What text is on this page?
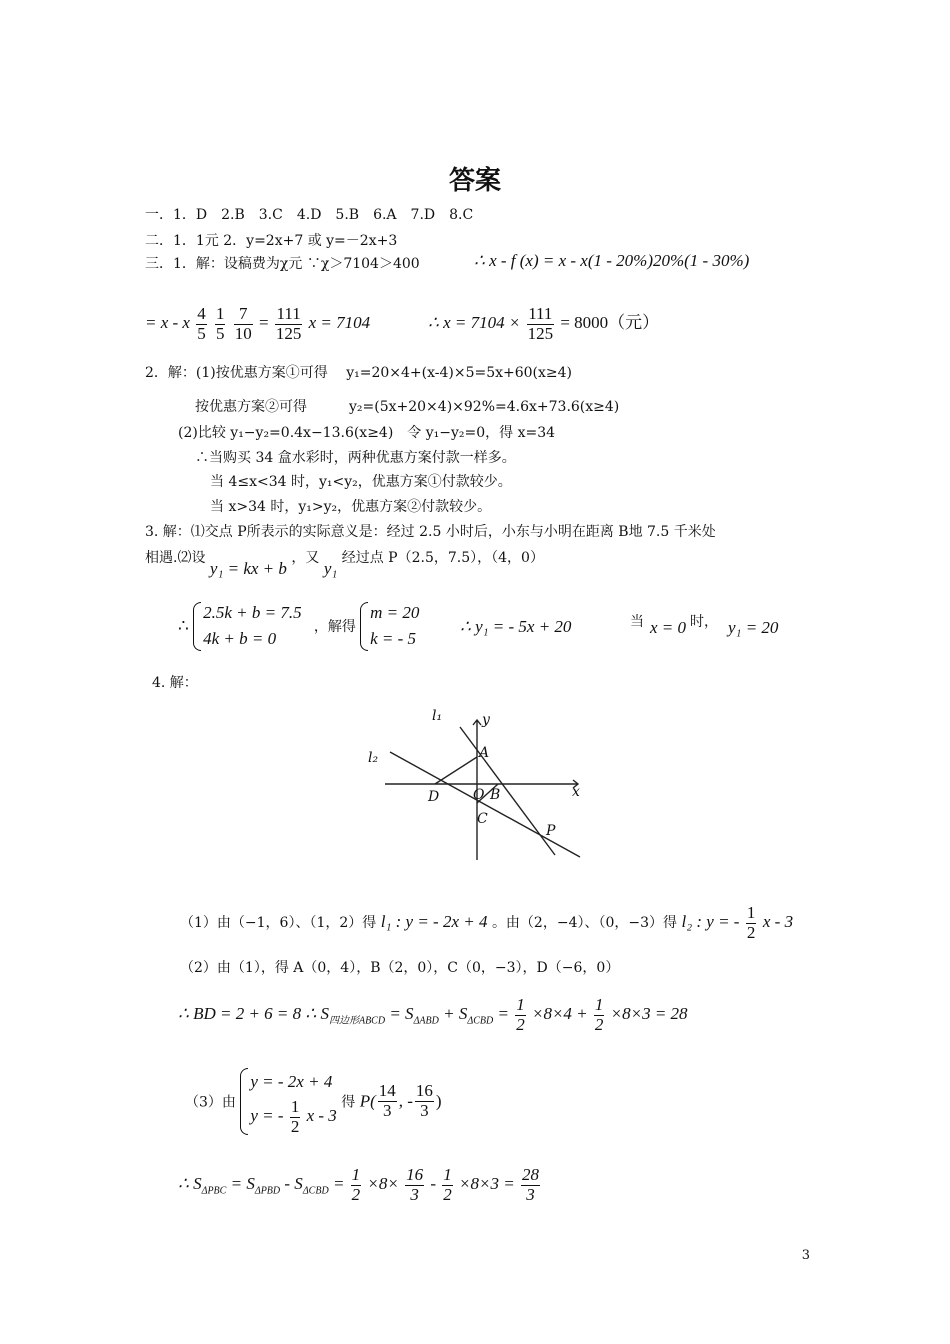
答案
一．1．D　2.B　3.C　4.D　5.B　6.A　7.D　8.C
二．1．1元 2．y=2x+7 或 y=－2x+3
三．1．解：设稿费为χ元 ∵χ＞7104＞400	∴ x - f (x) = x - x(1 - 20%)20%(1 - 30%)
= x - x $\frac{4}{5}$
$\frac{1}{5}$
$\frac{7}{10} = \frac{111}{125}$ x = 7104	∴ $x = 7104 \times \frac{111}{125} = 8000$（元）
2．解：(1)按优惠方案①可得　 y₁=20×4+(x-4)×5=5x+60(x≥4)
按优惠方案②可得　　　y₂=(5x+20×4)×92%=4.6x+73.6(x≥4)
(2)比较 y₁−y₂=0.4x−13.6(x≥4)　令 y₁−y₂=0，得 x=34
∴当购买 34 盒水彩时，两种优惠方案付款一样多。
当 4≤x<34 时，y₁<y₂，优惠方案①付款较少。
当 x>34 时，y₁>y₂，优惠方案②付款较少。
3. 解：⑴交点 P所表示的实际意义是：经过 2.5 小时后，小东与小明在距离 B地 7.5 千米处
相遇.⑵设 y₁ = kx + b ，又 y₁ 经过点 P（2.5，7.5），（4，0）
∴
2.5k + b = 7.5
4k + b = 0
，解得
m = 20
k = - 5
∴ y₁ = - 5x + 20	当 x = 0 时， y₁ = 20
4. 解：
l₁
l₂
y
x
A
O B
C
D
P
（1）由（−1，6）、（1，2）得 l₁ : y = - 2x + 4 。由（2，−4）、（0，−3）得 l₂ : y = - $\frac{1}{2}$ x - 3
（2）由（1），得 A（0，4），B（2，0），C（0，−3），D（−6，0）
∴ BD = 2 + 6 = 8 ∴ $S_{四边形ABCD} = S_{\Delta ABD} + S_{\Delta CBD} = \frac{1}{2} \times 8\times 4 + \frac{1}{2} \times 8\times 3 = 28$
（3）由
y = - 2x + 4
y = - $\frac{1}{2}$ x - 3
得 $P( \frac{14}{3}$ , - $\frac{16}{3}$ )
∴ $S_{\Delta PBC} = S_{\Delta PBD} - S_{\Delta CBD} = \frac{1}{2} \times 8\times \frac{16}{3} - \frac{1}{2} \times 8\times 3 = \frac{28}{3}$
3
